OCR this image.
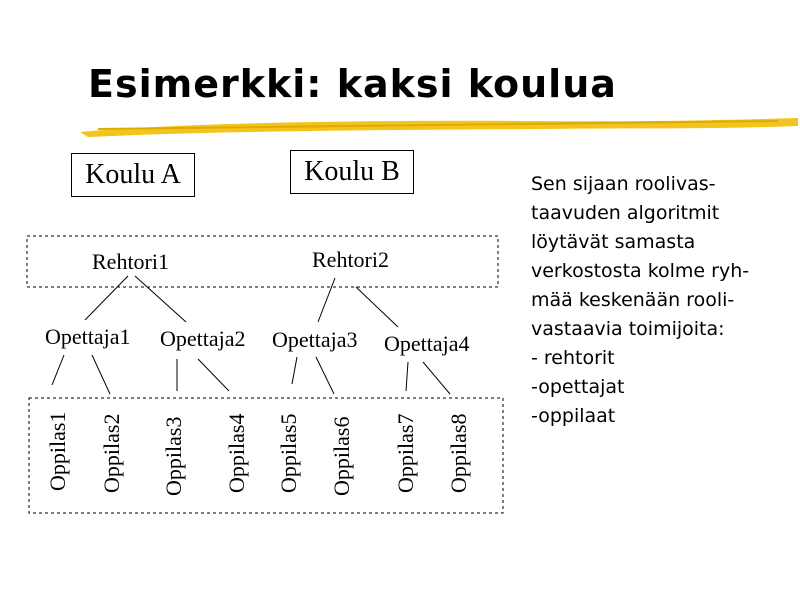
Esimerkki: kaksi koulua
Koulu A	Koulu B
Rehtori1	Rehtori2
Opettaja1 Opettaja2 Opettaja3 Opettaja4
Oppilas1 Oppilas2 Oppilas3 Oppilas4 Oppilas5 Oppilas6 Oppilas7 Oppilas8
Sen sijaan roolivas-
taavuden algoritmit
löytävät samasta
verkostosta kolme ryh-
mää keskenään rooli-
vastaavia toimijoita:
- rehtorit
-opettajat
-oppilaat
